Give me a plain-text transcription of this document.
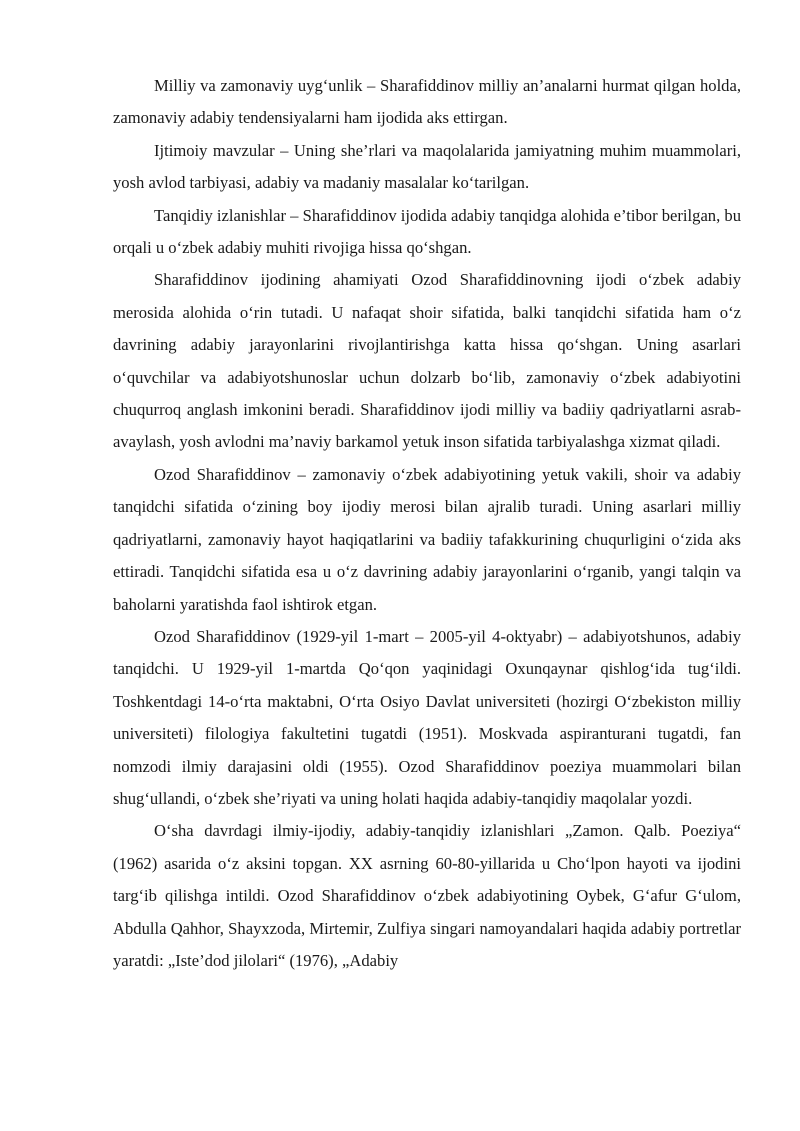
Milliy va zamonaviy uygʻunlik – Sharafiddinov milliy an’analarni hurmat qilgan holda, zamonaviy adabiy tendensiyalarni ham ijodida aks ettirgan.

Ijtimoiy mavzular – Uning she’rlari va maqolalarida jamiyatning muhim muammolari, yosh avlod tarbiyasi, adabiy va madaniy masalalar koʻtarilgan.

Tanqidiy izlanishlar – Sharafiddinov ijodida adabiy tanqidga alohida e’tibor berilgan, bu orqali u oʻzbek adabiy muhiti rivojiga hissa qoʻshgan.

Sharafiddinov ijodining ahamiyati Ozod Sharafiddinovning ijodi oʻzbek adabiy merosida alohida oʻrin tutadi. U nafaqat shoir sifatida, balki tanqidchi sifatida ham oʻz davrining adabiy jarayonlarini rivojlantirishga katta hissa qoʻshgan. Uning asarlari oʻquvchilar va adabiyotshunoslar uchun dolzarb boʻlib, zamonaviy oʻzbek adabiyotini chuqurroq anglash imkonini beradi. Sharafiddinov ijodi milliy va badiiy qadriyatlarni asrab-avaylash, yosh avlodni ma’naviy barkamol yetuk inson sifatida tarbiyalashga xizmat qiladi.

Ozod Sharafiddinov – zamonaviy oʻzbek adabiyotining yetuk vakili, shoir va adabiy tanqidchi sifatida oʻzining boy ijodiy merosi bilan ajralib turadi. Uning asarlari milliy qadriyatlarni, zamonaviy hayot haqiqatlarini va badiiy tafakkurining chuqurligini oʻzida aks ettiradi. Tanqidchi sifatida esa u oʻz davrining adabiy jarayonlarini oʻrganib, yangi talqin va baholarni yaratishda faol ishtirok etgan.

Ozod Sharafiddinov (1929-yil 1-mart – 2005-yil 4-oktyabr) – adabiyotshunos, adabiy tanqidchi. U 1929-yil 1-martda Qoʻqon yaqinidagi Oxunqaynar qishlogʻida tugʻildi. Toshkentdagi 14-oʻrta maktabni, Oʻrta Osiyo Davlat universiteti (hozirgi Oʻzbekiston milliy universiteti) filologiya fakultetini tugatdi (1951). Moskvada aspiranturani tugatdi, fan nomzodi ilmiy darajasini oldi (1955). Ozod Sharafiddinov poeziya muammolari bilan shugʻullandi, oʻzbek she’riyati va uning holati haqida adabiy-tanqidiy maqolalar yozdi.

Oʻsha davrdagi ilmiy-ijodiy, adabiy-tanqidiy izlanishlari „Zamon. Qalb. Poeziya“ (1962) asarida oʻz aksini topgan. XX asrning 60-80-yillarida u Choʻlpon hayoti va ijodini targʻib qilishga intildi. Ozod Sharafiddinov oʻzbek adabiyotining Oybek, Gʻafur Gʻulom, Abdulla Qahhor, Shayxzoda, Mirtemir, Zulfiya singari namoyandalari haqida adabiy portretlar yaratdi: „Iste’dod jilolari“ (1976), „Adabiy
